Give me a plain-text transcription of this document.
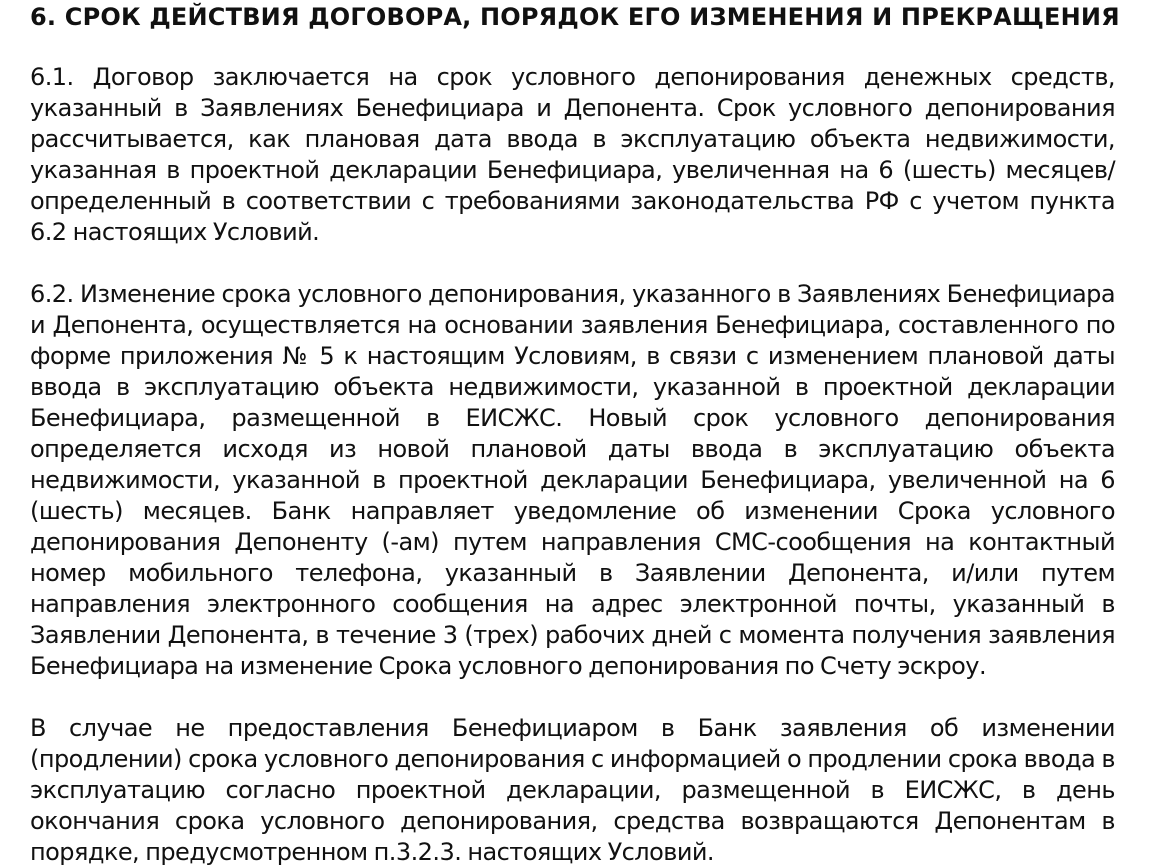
6. СРОК ДЕЙСТВИЯ ДОГОВОРА, ПОРЯДОК ЕГО ИЗМЕНЕНИЯ И ПРЕКРАЩЕНИЯ

6.1. Договор заключается на срок условного депонирования денежных средств, указанный в Заявлениях Бенефициара и Депонента. Срок условного депонирования рассчитывается, как плановая дата ввода в эксплуатацию объекта недвижимости, указанная в проектной декларации Бенефициара, увеличенная на 6 (шесть) месяцев/определенный в соответствии с требованиями законодательства РФ с учетом пункта 6.2 настоящих Условий.

6.2. Изменение срока условного депонирования, указанного в Заявлениях Бенефициара и Депонента, осуществляется на основании заявления Бенефициара, составленного по форме приложения № 5 к настоящим Условиям, в связи с изменением плановой даты ввода в эксплуатацию объекта недвижимости, указанной в проектной декларации Бенефициара, размещенной в ЕИСЖС. Новый срок условного депонирования определяется исходя из новой плановой даты ввода в эксплуатацию объекта недвижимости, указанной в проектной декларации Бенефициара, увеличенной на 6 (шесть) месяцев. Банк направляет уведомление об изменении Срока условного депонирования Депоненту (-ам) путем направления СМС-сообщения на контактный номер мобильного телефона, указанный в Заявлении Депонента, и/или путем направления электронного сообщения на адрес электронной почты, указанный в Заявлении Депонента, в течение 3 (трех) рабочих дней с момента получения заявления Бенефициара на изменение Срока условного депонирования по Счету эскроу.

В случае не предоставления Бенефициаром в Банк заявления об изменении (продлении) срока условного депонирования с информацией о продлении срока ввода в эксплуатацию согласно проектной декларации, размещенной в ЕИСЖС, в день окончания срока условного депонирования, средства возвращаются Депонентам в порядке, предусмотренном п.3.2.3. настоящих Условий.
